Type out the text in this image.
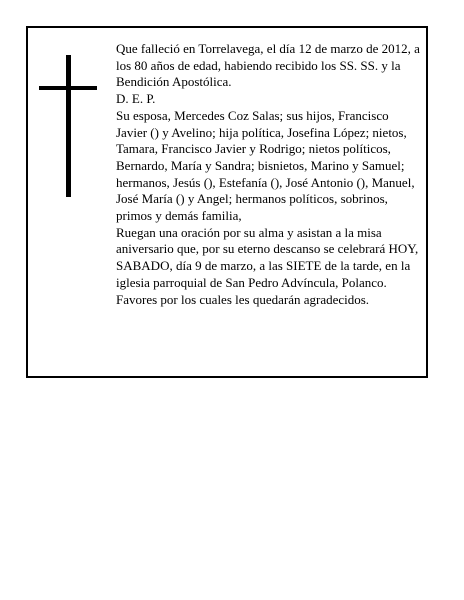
Que falleció en Torrelavega, el día 12 de marzo de 2012, a los 80 años de edad, habiendo recibido los SS. SS. y la Bendición Apostólica.

D. E. P.

Su esposa, Mercedes Coz Salas; sus hijos, Francisco Javier () y Avelino; hija política, Josefina López; nietos, Tamara, Francisco Javier y Rodrigo; nietos políticos, Bernardo, María y Sandra; bisnietos, Marino y Samuel; hermanos, Jesús (), Estefanía (), José Antonio (), Manuel, José María () y Angel; hermanos políticos, sobrinos, primos y demás familia,

Ruegan una oración por su alma y asistan a la misa aniversario que, por su eterno descanso se celebrará HOY, SABADO, día 9 de marzo, a las SIETE de la tarde, en la iglesia parroquial de San Pedro Advíncula, Polanco. Favores por los cuales les quedarán agradecidos.
